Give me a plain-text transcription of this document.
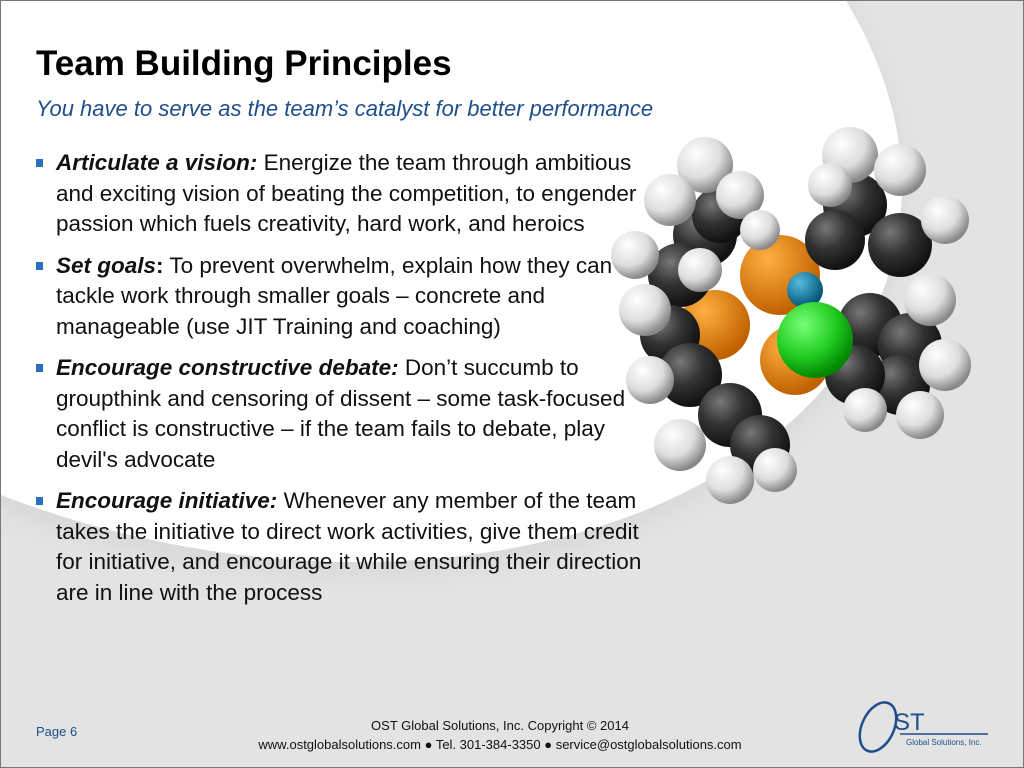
Team Building Principles
You have to serve as the team’s catalyst for better performance
Articulate a vision: Energize the team through ambitious and exciting vision of beating the competition, to engender passion which fuels creativity, hard work, and heroics
Set goals: To prevent overwhelm, explain how they can tackle work through smaller goals – concrete and manageable (use JIT Training and coaching)
Encourage constructive debate: Don’t succumb to groupthink and censoring of dissent – some task-focused conflict is constructive – if the team fails to debate, play devil's advocate
Encourage initiative: Whenever any member of the team takes the initiative to direct work activities, give them credit for initiative, and encourage it while ensuring their direction are in line with the process
Page 6	OST Global Solutions, Inc. Copyright © 2014
www.ostglobalsolutions.com ● Tel. 301-384-3350 ● service@ostglobalsolutions.com
ST
Global Solutions, Inc.
